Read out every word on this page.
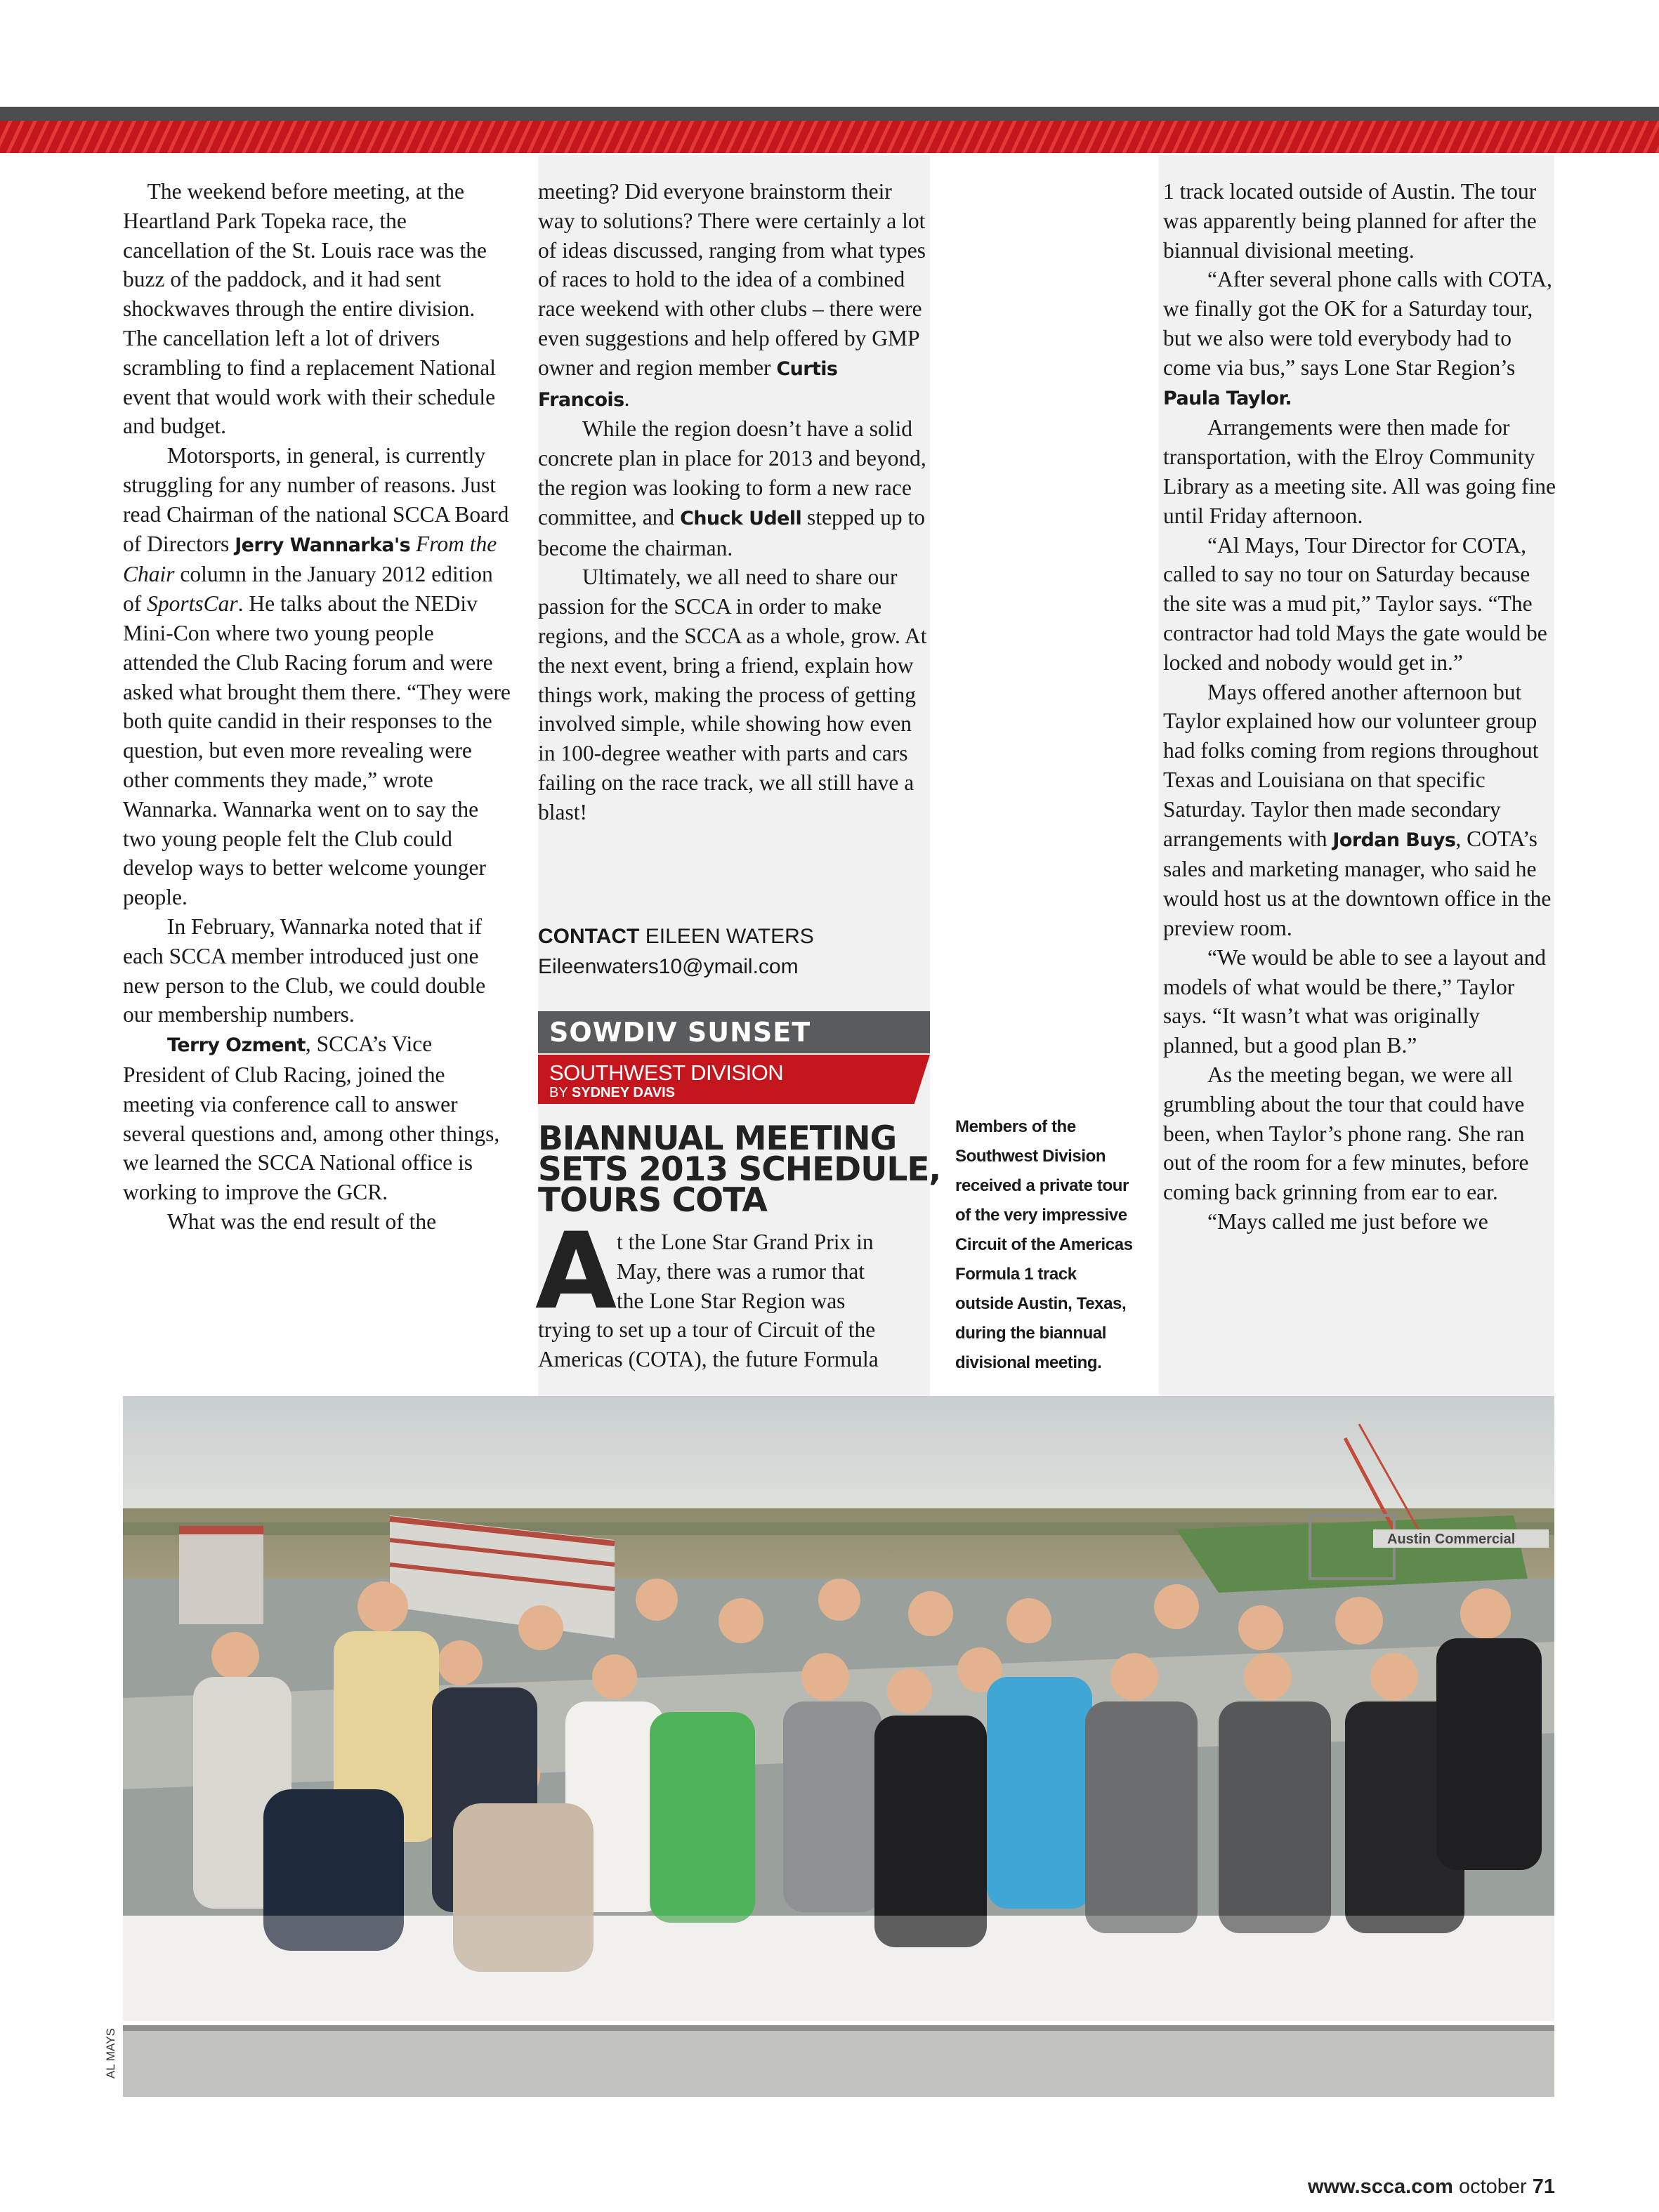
The weekend before meeting, at the Heartland Park Topeka race, the cancellation of the St. Louis race was the buzz of the paddock, and it had sent shockwaves through the entire division. The cancellation left a lot of drivers scrambling to find a replacement National event that would work with their schedule and budget.

Motorsports, in general, is currently struggling for any number of reasons. Just read Chairman of the national SCCA Board of Directors Jerry Wannarka's From the Chair column in the January 2012 edition of SportsCar. He talks about the NEDiv Mini-Con where two young people attended the Club Racing forum and were asked what brought them there. “They were both quite candid in their responses to the question, but even more revealing were other comments they made,” wrote Wannarka. Wannarka went on to say the two young people felt the Club could develop ways to better welcome younger people.

In February, Wannarka noted that if each SCCA member introduced just one new person to the Club, we could double our membership numbers.

Terry Ozment, SCCA’s Vice President of Club Racing, joined the meeting via conference call to answer several questions and, among other things, we learned the SCCA National office is working to improve the GCR.

What was the end result of the

meeting? Did everyone brainstorm their way to solutions? There were certainly a lot of ideas discussed, ranging from what types of races to hold to the idea of a combined race weekend with other clubs – there were even suggestions and help offered by GMP owner and region member Curtis Francois.

While the region doesn’t have a solid concrete plan in place for 2013 and beyond, the region was looking to form a new race committee, and Chuck Udell stepped up to become the chairman.

Ultimately, we all need to share our passion for the SCCA in order to make regions, and the SCCA as a whole, grow. At the next event, bring a friend, explain how things work, making the process of getting involved simple, while showing how even in 100-degree weather with parts and cars failing on the race track, we all still have a blast!

CONTACT EILEEN WATERS
Eileenwaters10@ymail.com
SOWDIV SUNSET
SOUTHWEST DIVISION
BY SYDNEY DAVIS
BIANNUAL MEETING
SETS 2013 SCHEDULE,
TOURS COTA
A t the Lone Star Grand Prix in
May, there was a rumor that
the Lone Star Region was
trying to set up a tour of Circuit of the
Americas (COTA), the future Formula
Members of the
Southwest Division
received a private tour
of the very impressive
Circuit of the Americas
Formula 1 track
outside Austin, Texas,
during the biannual
divisional meeting.

1 track located outside of Austin. The tour was apparently being planned for after the biannual divisional meeting.

“After several phone calls with COTA, we finally got the OK for a Saturday tour, but we also were told everybody had to come via bus,” says Lone Star Region’s Paula Taylor.

Arrangements were then made for transportation, with the Elroy Community Library as a meeting site. All was going fine until Friday afternoon.

“Al Mays, Tour Director for COTA, called to say no tour on Saturday because the site was a mud pit,” Taylor says. “The contractor had told Mays the gate would be locked and nobody would get in.”

Mays offered another afternoon but Taylor explained how our volunteer group had folks coming from regions throughout Texas and Louisiana on that specific Saturday. Taylor then made secondary arrangements with Jordan Buys, COTA’s sales and marketing manager, who said he would host us at the downtown office in the preview room.

“We would be able to see a layout and models of what would be there,” Taylor says. “It wasn’t what was originally planned, but a good plan B.”

As the meeting began, we were all grumbling about the tour that could have been, when Taylor’s phone rang. She ran out of the room for a few minutes, before coming back grinning from ear to ear.

“Mays called me just before we

Austin Commercial
AL MAYS
www.scca.com october 71
